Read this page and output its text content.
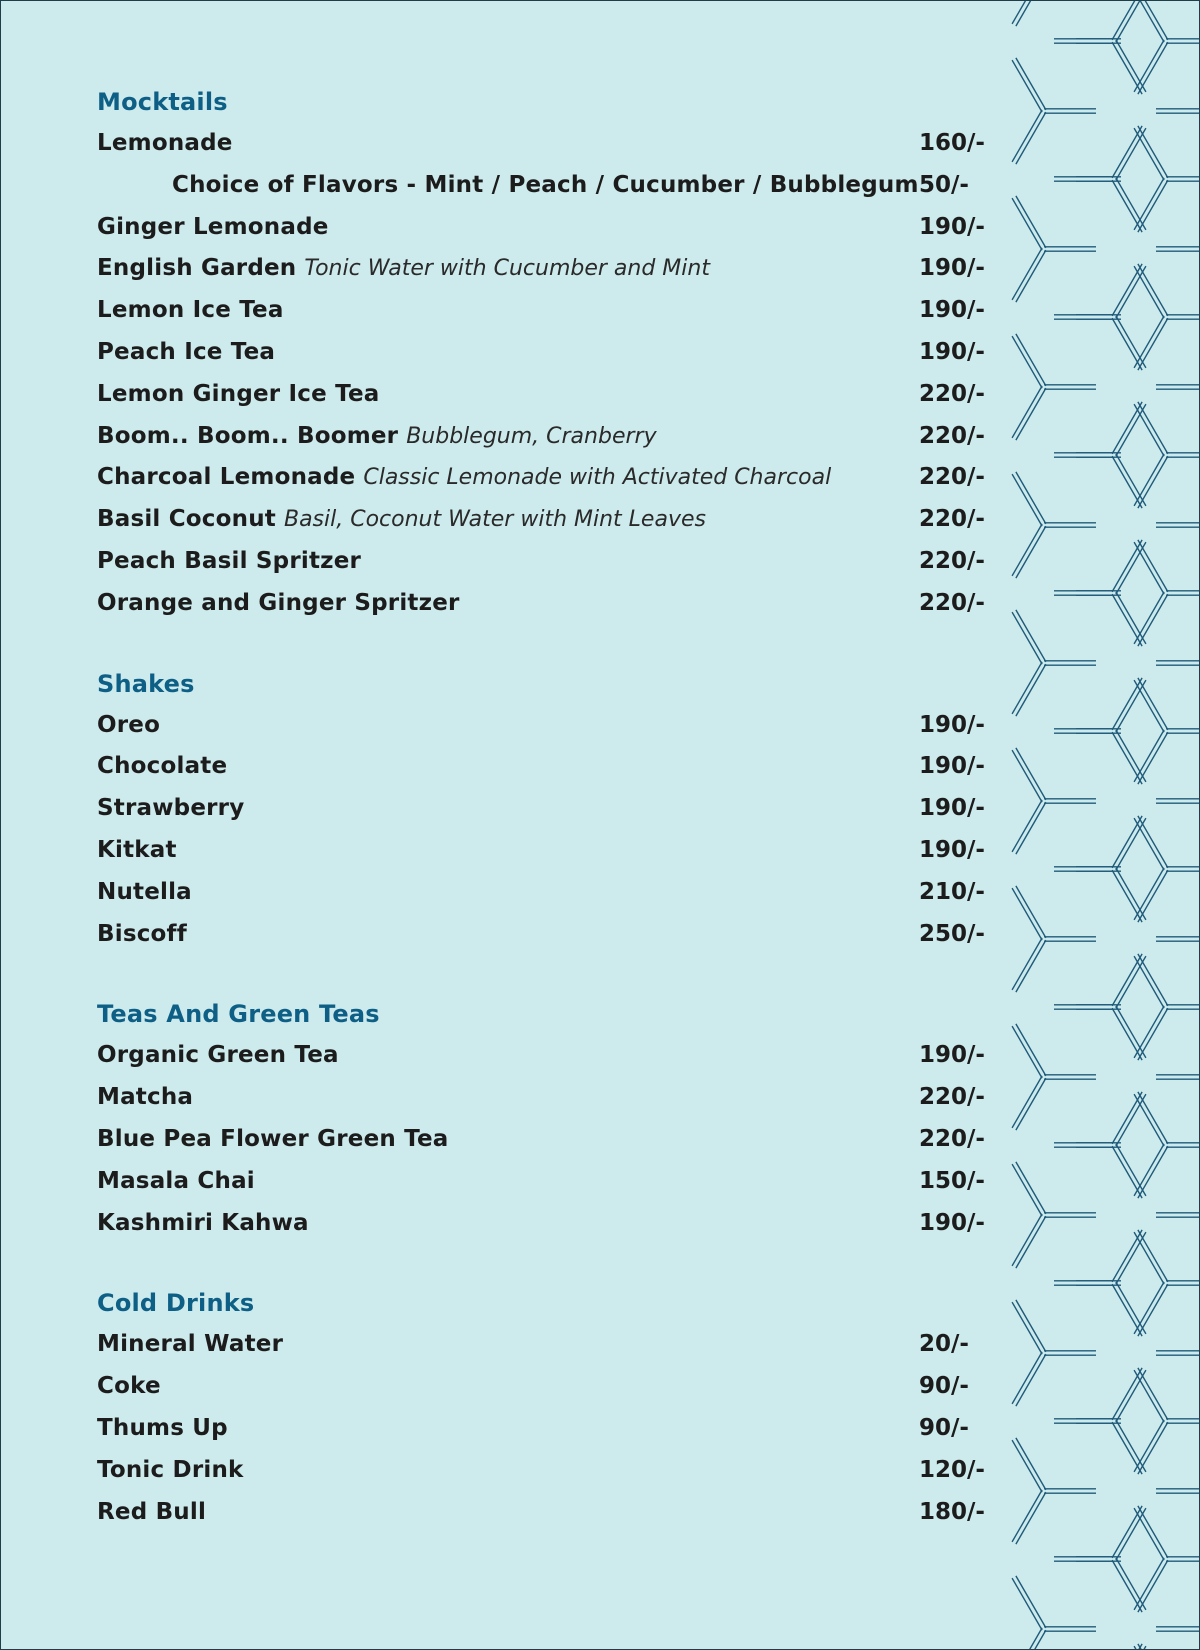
Mocktails
Lemonade	160/-
Choice of Flavors - Mint / Peach / Cucumber / Bubblegum 50/-
Ginger Lemonade	190/-
English Garden Tonic Water with Cucumber and Mint	190/-
Lemon Ice Tea	190/-
Peach Ice Tea	190/-
Lemon Ginger Ice Tea	220/-
Boom.. Boom.. Boomer Bubblegum, Cranberry	220/-
Charcoal Lemonade Classic Lemonade with Activated Charcoal	220/-
Basil Coconut Basil, Coconut Water with Mint Leaves	220/-
Peach Basil Spritzer	220/-
Orange and Ginger Spritzer	220/-
Shakes
Oreo	190/-
Chocolate	190/-
Strawberry	190/-
Kitkat	190/-
Nutella	210/-
Biscoff	250/-
Teas And Green Teas
Organic Green Tea	190/-
Matcha	220/-
Blue Pea Flower Green Tea	220/-
Masala Chai	150/-
Kashmiri Kahwa	190/-
Cold Drinks
Mineral Water	20/-
Coke	90/-
Thums Up	90/-
Tonic Drink	120/-
Red Bull	180/-
